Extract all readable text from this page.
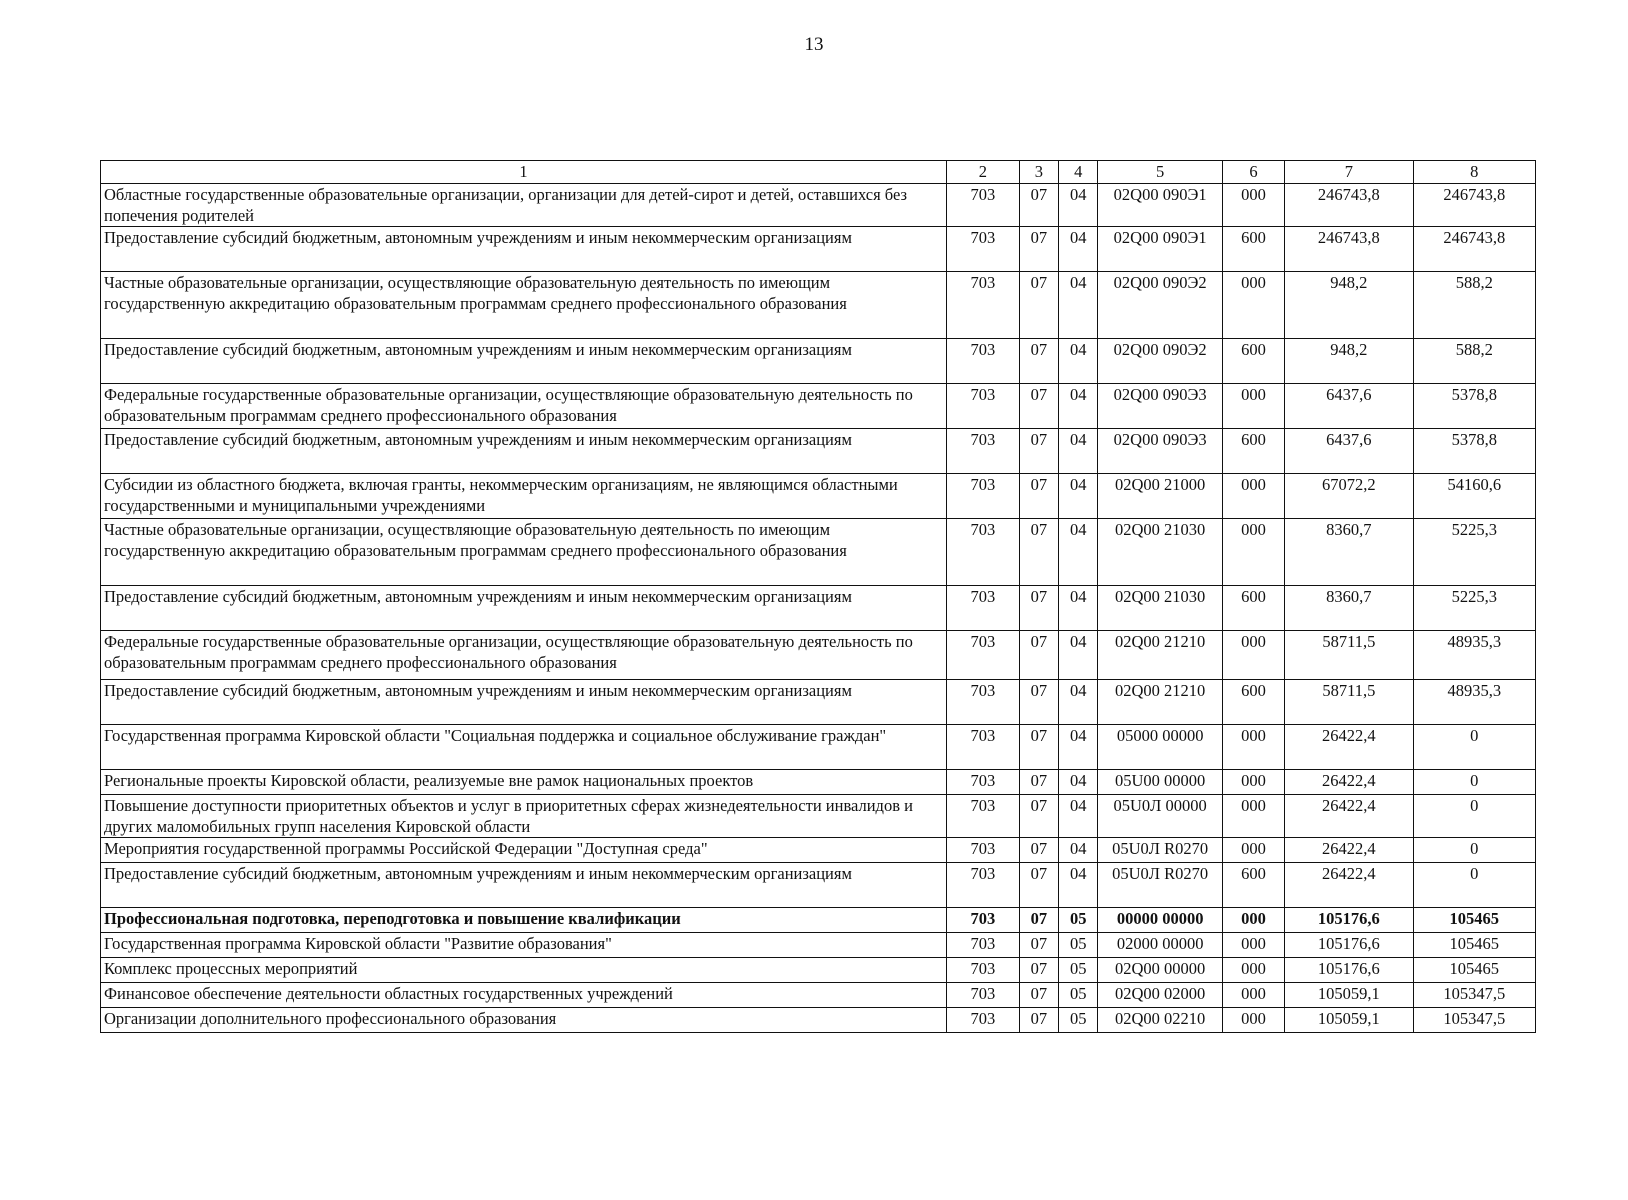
13
1	2	3	4	5	6	7	8
Областные государственные образовательные организации, организации для детей-сирот и детей, оставшихся без попечения родителей	703	07	04	02Q00 090Э1	000	246743,8	246743,8
Предоставление субсидий бюджетным, автономным учреждениям и иным некоммерческим организациям	703	07	04	02Q00 090Э1	600	246743,8	246743,8
Частные образовательные организации, осуществляющие образовательную деятельность по имеющим государственную аккредитацию образовательным программам среднего профессионального образования	703	07	04	02Q00 090Э2	000	948,2	588,2
Предоставление субсидий бюджетным, автономным учреждениям и иным некоммерческим организациям	703	07	04	02Q00 090Э2	600	948,2	588,2
Федеральные государственные образовательные организации, осуществляющие образовательную деятельность по образовательным программам среднего профессионального образования	703	07	04	02Q00 090Э3	000	6437,6	5378,8
Предоставление субсидий бюджетным, автономным учреждениям и иным некоммерческим организациям	703	07	04	02Q00 090Э3	600	6437,6	5378,8
Субсидии из областного бюджета, включая гранты, некоммерческим организациям, не являющимся областными государственными и муниципальными учреждениями	703	07	04	02Q00 21000	000	67072,2	54160,6
Частные образовательные организации, осуществляющие образовательную деятельность по имеющим государственную аккредитацию образовательным программам среднего профессионального образования	703	07	04	02Q00 21030	000	8360,7	5225,3
Предоставление субсидий бюджетным, автономным учреждениям и иным некоммерческим организациям	703	07	04	02Q00 21030	600	8360,7	5225,3
Федеральные государственные образовательные организации, осуществляющие образовательную деятельность по образовательным программам среднего профессионального образования	703	07	04	02Q00 21210	000	58711,5	48935,3
Предоставление субсидий бюджетным, автономным учреждениям и иным некоммерческим организациям	703	07	04	02Q00 21210	600	58711,5	48935,3
Государственная программа Кировской области "Социальная поддержка и социальное обслуживание граждан"	703	07	04	05000 00000	000	26422,4	0
Региональные проекты Кировской области, реализуемые вне рамок национальных проектов	703	07	04	05U00 00000	000	26422,4	0
Повышение доступности приоритетных объектов и услуг в приоритетных сферах жизнедеятельности инвалидов и других маломобильных групп населения Кировской области	703	07	04	05U0Л 00000	000	26422,4	0
Мероприятия государственной программы Российской Федерации "Доступная среда"	703	07	04	05U0Л R0270	000	26422,4	0
Предоставление субсидий бюджетным, автономным учреждениям и иным некоммерческим организациям	703	07	04	05U0Л R0270	600	26422,4	0
Профессиональная подготовка, переподготовка и повышение квалификации	703	07	05	00000 00000	000	105176,6	105465
Государственная программа Кировской области "Развитие образования"	703	07	05	02000 00000	000	105176,6	105465
Комплекс процессных мероприятий	703	07	05	02Q00 00000	000	105176,6	105465
Финансовое обеспечение деятельности областных государственных учреждений	703	07	05	02Q00 02000	000	105059,1	105347,5
Организации дополнительного профессионального образования	703	07	05	02Q00 02210	000	105059,1	105347,5
